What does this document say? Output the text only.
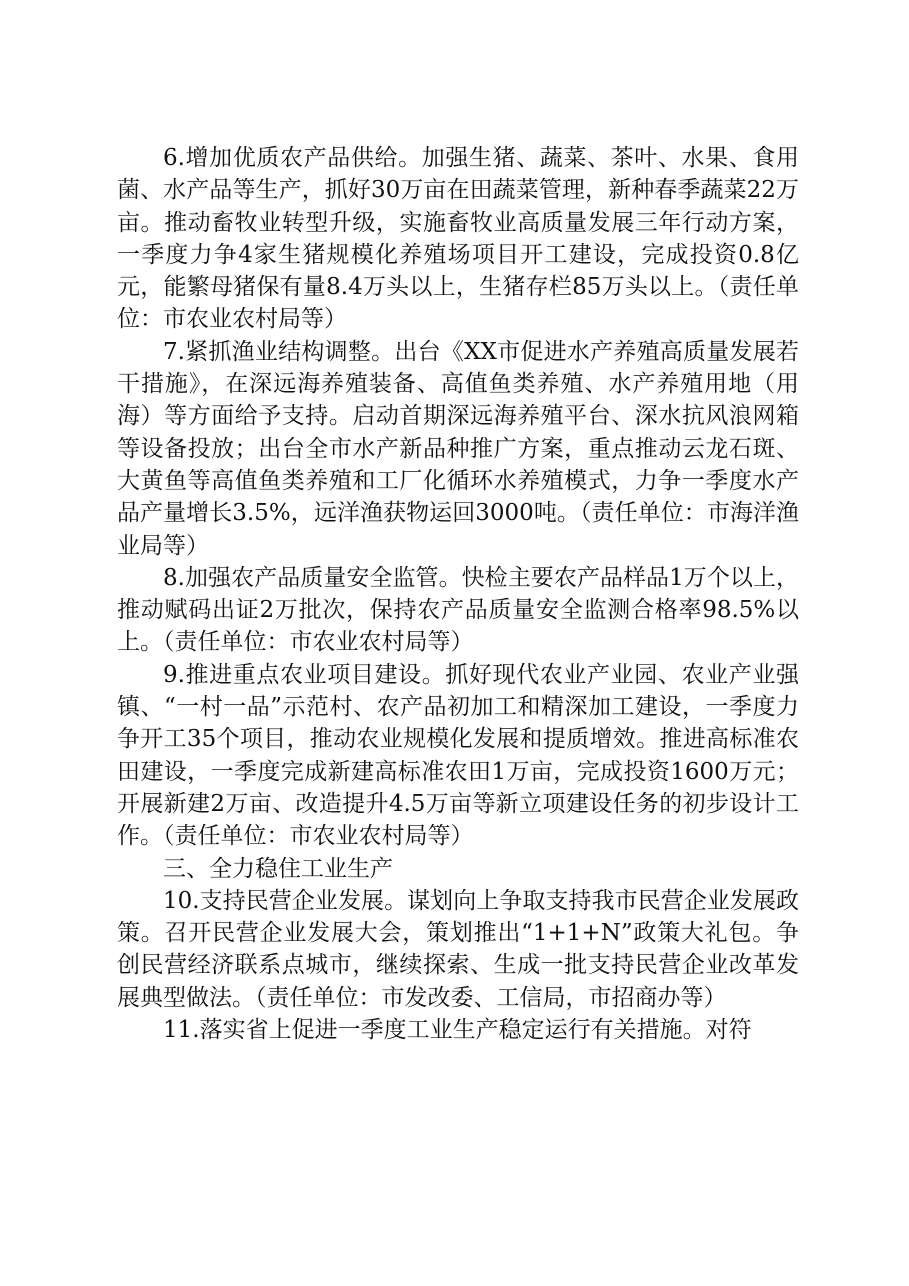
6.增加优质农产品供给。加强生猪、蔬菜、茶叶、水果、食用菌、水产品等生产，抓好30万亩在田蔬菜管理，新种春季蔬菜22万亩。推动畜牧业转型升级，实施畜牧业高质量发展三年行动方案，一季度力争4家生猪规模化养殖场项目开工建设，完成投资0.8亿元，能繁母猪保有量8.4万头以上，生猪存栏85万头以上。（责任单位：市农业农村局等）

7.紧抓渔业结构调整。出台《XX市促进水产养殖高质量发展若干措施》，在深远海养殖装备、高值鱼类养殖、水产养殖用地（用海）等方面给予支持。启动首期深远海养殖平台、深水抗风浪网箱等设备投放；出台全市水产新品种推广方案，重点推动云龙石斑、大黄鱼等高值鱼类养殖和工厂化循环水养殖模式，力争一季度水产品产量增长3.5%，远洋渔获物运回3000吨。（责任单位：市海洋渔业局等）

8.加强农产品质量安全监管。快检主要农产品样品1万个以上，推动赋码出证2万批次，保持农产品质量安全监测合格率98.5%以上。（责任单位：市农业农村局等）

9.推进重点农业项目建设。抓好现代农业产业园、农业产业强镇、“一村一品”示范村、农产品初加工和精深加工建设，一季度力争开工35个项目，推动农业规模化发展和提质增效。推进高标准农田建设，一季度完成新建高标准农田1万亩，完成投资1600万元；开展新建2万亩、改造提升4.5万亩等新立项建设任务的初步设计工作。（责任单位：市农业农村局等）

三、全力稳住工业生产

10.支持民营企业发展。谋划向上争取支持我市民营企业发展政策。召开民营企业发展大会，策划推出“1+1+N”政策大礼包。争创民营经济联系点城市，继续探索、生成一批支持民营企业改革发展典型做法。（责任单位：市发改委、工信局，市招商办等）

11.落实省上促进一季度工业生产稳定运行有关措施。对符
